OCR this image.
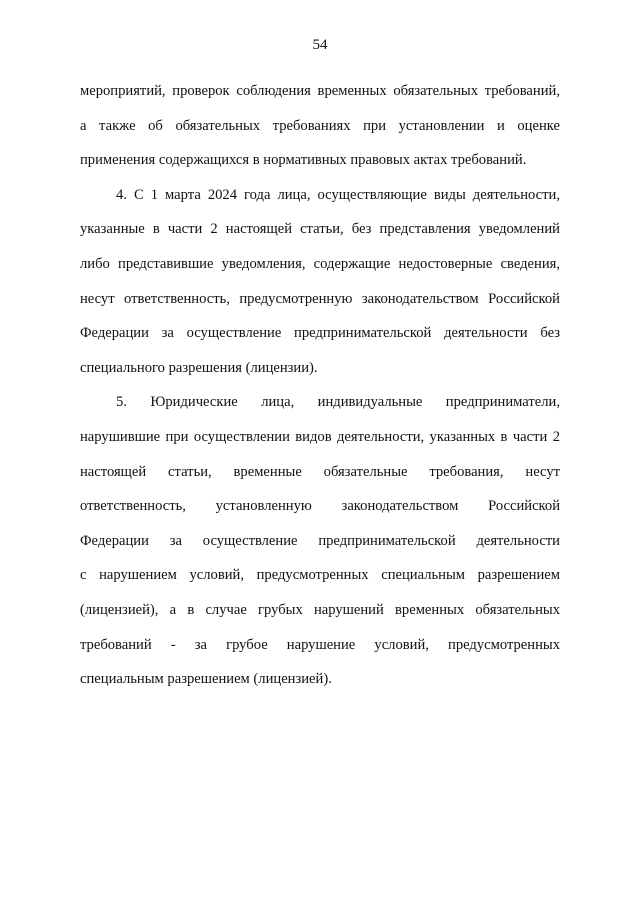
54
мероприятий, проверок соблюдения временных обязательных требований,
а также об обязательных требованиях при установлении и оценке
применения содержащихся в нормативных правовых актах требований.
4. С 1 марта 2024 года лица, осуществляющие виды деятельности,
указанные в части 2 настоящей статьи, без представления уведомлений
либо представившие уведомления, содержащие недостоверные сведения,
несут ответственность, предусмотренную законодательством Российской
Федерации за осуществление предпринимательской деятельности без
специального разрешения (лицензии).
5. Юридические лица, индивидуальные предприниматели,
нарушившие при осуществлении видов деятельности, указанных в части 2
настоящей статьи, временные обязательные требования, несут
ответственность, установленную законодательством Российской
Федерации за осуществление предпринимательской деятельности
с нарушением условий, предусмотренных специальным разрешением
(лицензией), а в случае грубых нарушений временных обязательных
требований - за грубое нарушение условий, предусмотренных
специальным разрешением (лицензией).
